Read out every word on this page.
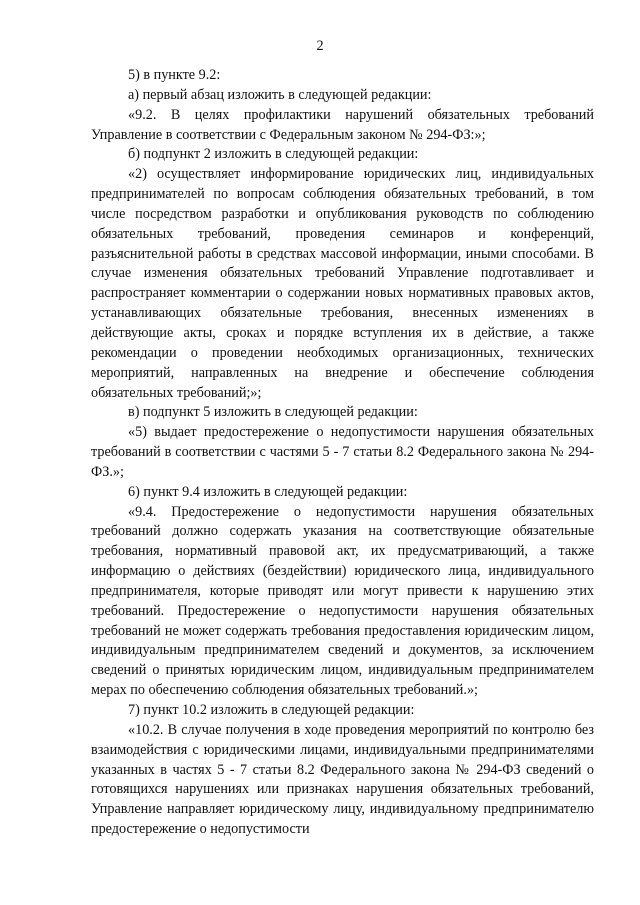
2

5) в пункте 9.2:

а) первый абзац изложить в следующей редакции:

«9.2. В целях профилактики нарушений обязательных требований Управление в соответствии с Федеральным законом № 294-ФЗ:»;

б) подпункт 2 изложить в следующей редакции:

«2) осуществляет информирование юридических лиц, индивидуальных предпринимателей по вопросам соблюдения обязательных требований, в том числе посредством разработки и опубликования руководств по соблюдению обязательных требований, проведения семинаров и конференций, разъяснительной работы в средствах массовой информации, иными способами. В случае изменения обязательных требований Управление подготавливает и распространяет комментарии о содержании новых нормативных правовых актов, устанавливающих обязательные требования, внесенных изменениях в действующие акты, сроках и порядке вступления их в действие, а также рекомендации о проведении необходимых организационных, технических мероприятий, направленных на внедрение и обеспечение соблюдения обязательных требований;»;

в) подпункт 5 изложить в следующей редакции:

«5) выдает предостережение о недопустимости нарушения обязательных требований в соответствии с частями 5 - 7 статьи 8.2 Федерального закона № 294-ФЗ.»;

6) пункт 9.4 изложить в следующей редакции:

«9.4. Предостережение о недопустимости нарушения обязательных требований должно содержать указания на соответствующие обязательные требования, нормативный правовой акт, их предусматривающий, а также информацию о действиях (бездействии) юридического лица, индивидуального предпринимателя, которые приводят или могут привести к нарушению этих требований. Предостережение о недопустимости нарушения обязательных требований не может содержать требования предоставления юридическим лицом, индивидуальным предпринимателем сведений и документов, за исключением сведений о принятых юридическим лицом, индивидуальным предпринимателем мерах по обеспечению соблюдения обязательных требований.»;

7) пункт 10.2 изложить в следующей редакции:

«10.2. В случае получения в ходе проведения мероприятий по контролю без взаимодействия с юридическими лицами, индивидуальными предпринимателями указанных в частях 5 - 7 статьи 8.2 Федерального закона № 294-ФЗ сведений о готовящихся нарушениях или признаках нарушения обязательных требований, Управление направляет юридическому лицу, индивидуальному предпринимателю предостережение о недопустимости
